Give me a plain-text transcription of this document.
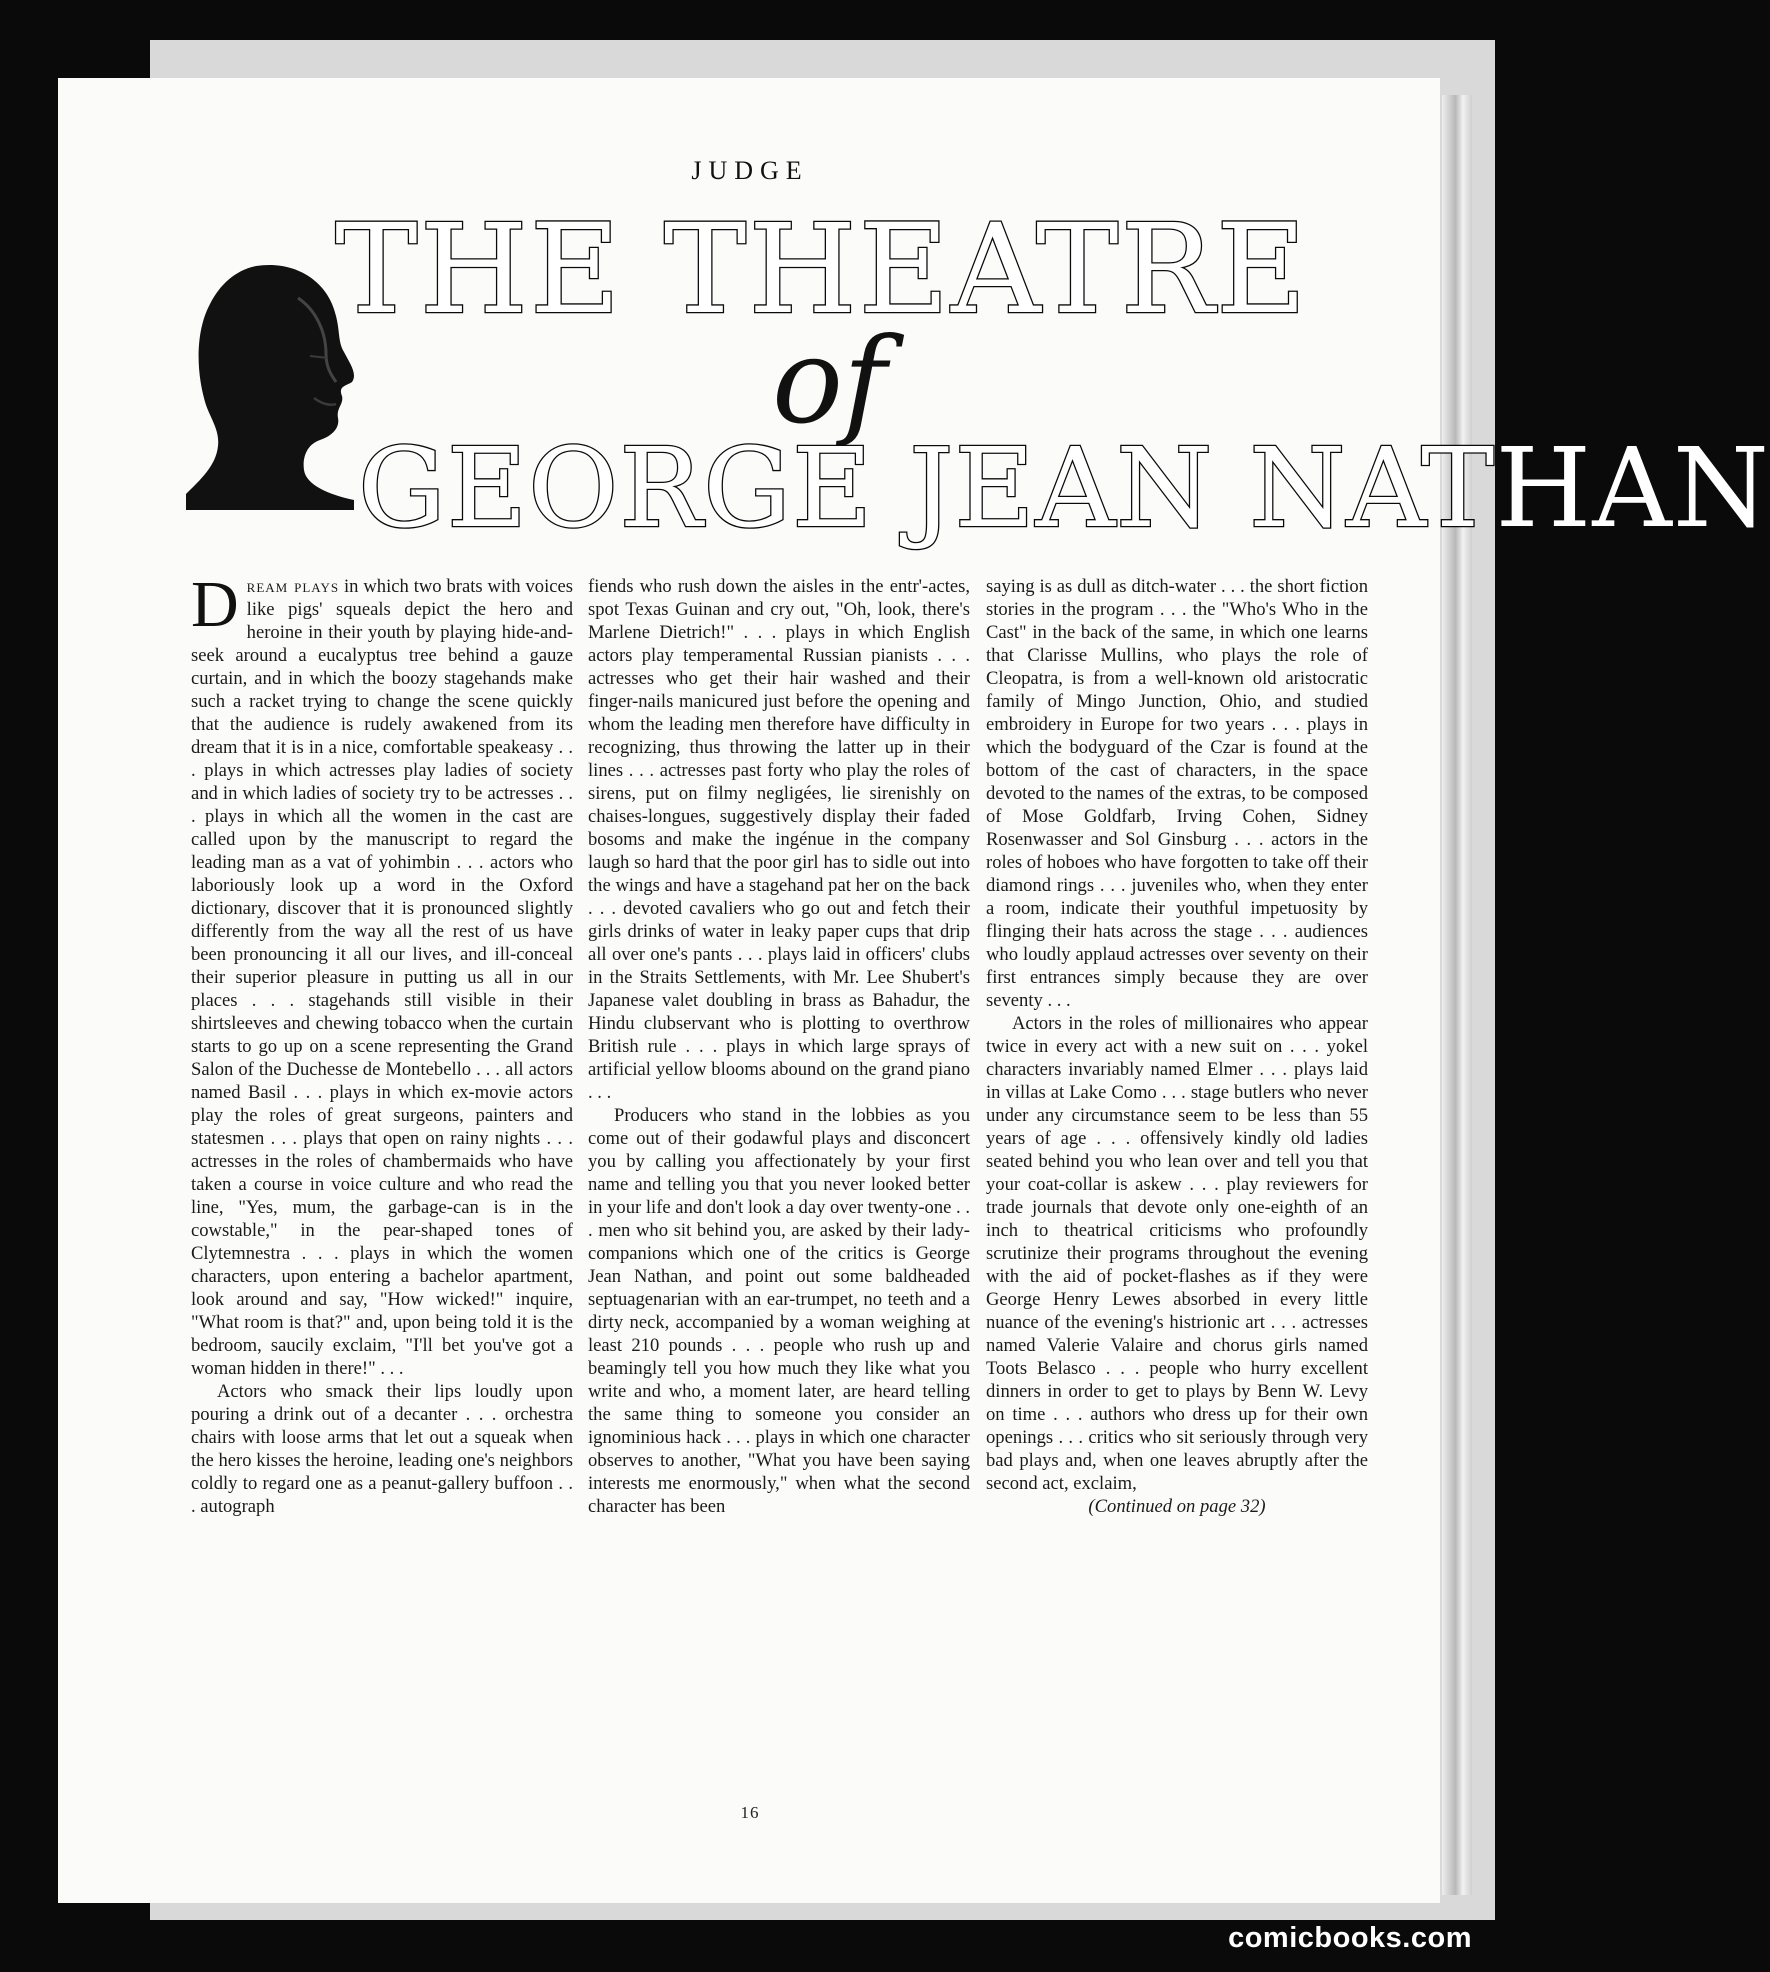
JUDGE
THE THEATRE
of
GEORGE JEAN NATHAN

Dream plays in which two brats with voices like pigs' squeals depict the hero and heroine in their youth by playing hide-and-seek around a eucalyptus tree behind a gauze curtain, and in which the boozy stagehands make such a racket trying to change the scene quickly that the audience is rudely awakened from its dream that it is in a nice, comfortable speakeasy . . . plays in which actresses play ladies of society and in which ladies of society try to be actresses . . . plays in which all the women in the cast are called upon by the manuscript to regard the leading man as a vat of yohimbin . . . actors who laboriously look up a word in the Oxford dictionary, discover that it is pronounced slightly differently from the way all the rest of us have been pronouncing it all our lives, and ill-conceal their superior pleasure in putting us all in our places . . . stagehands still visible in their shirtsleeves and chewing tobacco when the curtain starts to go up on a scene representing the Grand Salon of the Duchesse de Montebello . . . all actors named Basil . . . plays in which ex-movie actors play the roles of great surgeons, painters and statesmen . . . plays that open on rainy nights . . . actresses in the roles of chambermaids who have taken a course in voice culture and who read the line, "Yes, mum, the garbage-can is in the cowstable," in the pear-shaped tones of Clytemnestra . . . plays in which the women characters, upon entering a bachelor apartment, look around and say, "How wicked!" inquire, "What room is that?" and, upon being told it is the bedroom, saucily exclaim, "I'll bet you've got a woman hidden in there!" . . .

Actors who smack their lips loudly upon pouring a drink out of a decanter . . . orchestra chairs with loose arms that let out a squeak when the hero kisses the heroine, leading one's neighbors coldly to regard one as a peanut-gallery buffoon . . . autograph

fiends who rush down the aisles in the entr'-actes, spot Texas Guinan and cry out, "Oh, look, there's Marlene Dietrich!" . . . plays in which English actors play temperamental Russian pianists . . . actresses who get their hair washed and their finger-nails manicured just before the opening and whom the leading men therefore have difficulty in recognizing, thus throwing the latter up in their lines . . . actresses past forty who play the roles of sirens, put on filmy negligées, lie sirenishly on chaises-longues, suggestively display their faded bosoms and make the ingénue in the company laugh so hard that the poor girl has to sidle out into the wings and have a stagehand pat her on the back . . . devoted cavaliers who go out and fetch their girls drinks of water in leaky paper cups that drip all over one's pants . . . plays laid in officers' clubs in the Straits Settlements, with Mr. Lee Shubert's Japanese valet doubling in brass as Bahadur, the Hindu clubservant who is plotting to overthrow British rule . . . plays in which large sprays of artificial yellow blooms abound on the grand piano . . .

Producers who stand in the lobbies as you come out of their godawful plays and disconcert you by calling you affectionately by your first name and telling you that you never looked better in your life and don't look a day over twenty-one . . . men who sit behind you, are asked by their lady-companions which one of the critics is George Jean Nathan, and point out some baldheaded septuagenarian with an ear-trumpet, no teeth and a dirty neck, accompanied by a woman weighing at least 210 pounds . . . people who rush up and beamingly tell you how much they like what you write and who, a moment later, are heard telling the same thing to someone you consider an ignominious hack . . . plays in which one character observes to another, "What you have been saying interests me enormously," when what the second character has been

saying is as dull as ditch-water . . . the short fiction stories in the program . . . the "Who's Who in the Cast" in the back of the same, in which one learns that Clarisse Mullins, who plays the role of Cleopatra, is from a well-known old aristocratic family of Mingo Junction, Ohio, and studied embroidery in Europe for two years . . . plays in which the bodyguard of the Czar is found at the bottom of the cast of characters, in the space devoted to the names of the extras, to be composed of Mose Goldfarb, Irving Cohen, Sidney Rosenwasser and Sol Ginsburg . . . actors in the roles of hoboes who have forgotten to take off their diamond rings . . . juveniles who, when they enter a room, indicate their youthful impetuosity by flinging their hats across the stage . . . audiences who loudly applaud actresses over seventy on their first entrances simply because they are over seventy . . .

Actors in the roles of millionaires who appear twice in every act with a new suit on . . . yokel characters invariably named Elmer . . . plays laid in villas at Lake Como . . . stage butlers who never under any circumstance seem to be less than 55 years of age . . . offensively kindly old ladies seated behind you who lean over and tell you that your coat-collar is askew . . . play reviewers for trade journals that devote only one-eighth of an inch to theatrical criticisms who profoundly scrutinize their programs throughout the evening with the aid of pocket-flashes as if they were George Henry Lewes absorbed in every little nuance of the evening's histrionic art . . . actresses named Valerie Valaire and chorus girls named Toots Belasco . . . people who hurry excellent dinners in order to get to plays by Benn W. Levy on time . . . authors who dress up for their own openings . . . critics who sit seriously through very bad plays and, when one leaves abruptly after the second act, exclaim,

(Continued on page 32)

16
comicbooks.com
